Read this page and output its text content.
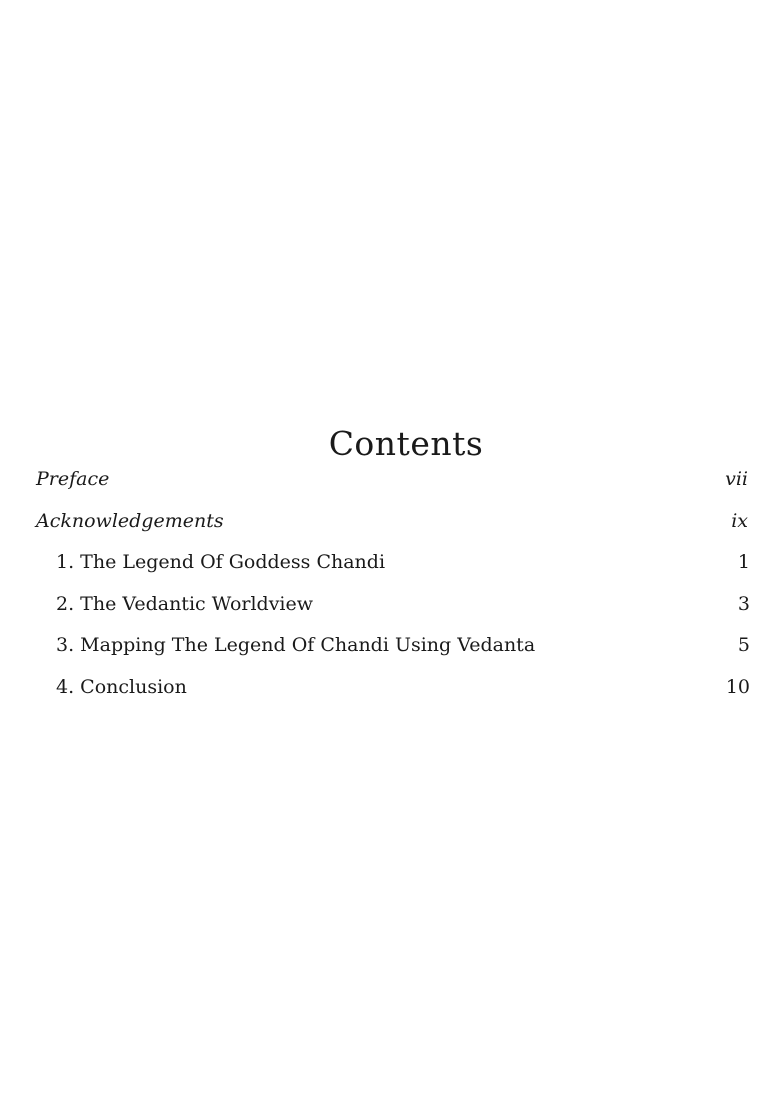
Contents
Preface	vii
Acknowledgements	ix
1. The Legend Of Goddess Chandi	1
2. The Vedantic Worldview	3
3. Mapping The Legend Of Chandi Using Vedanta	5
4. Conclusion	10
